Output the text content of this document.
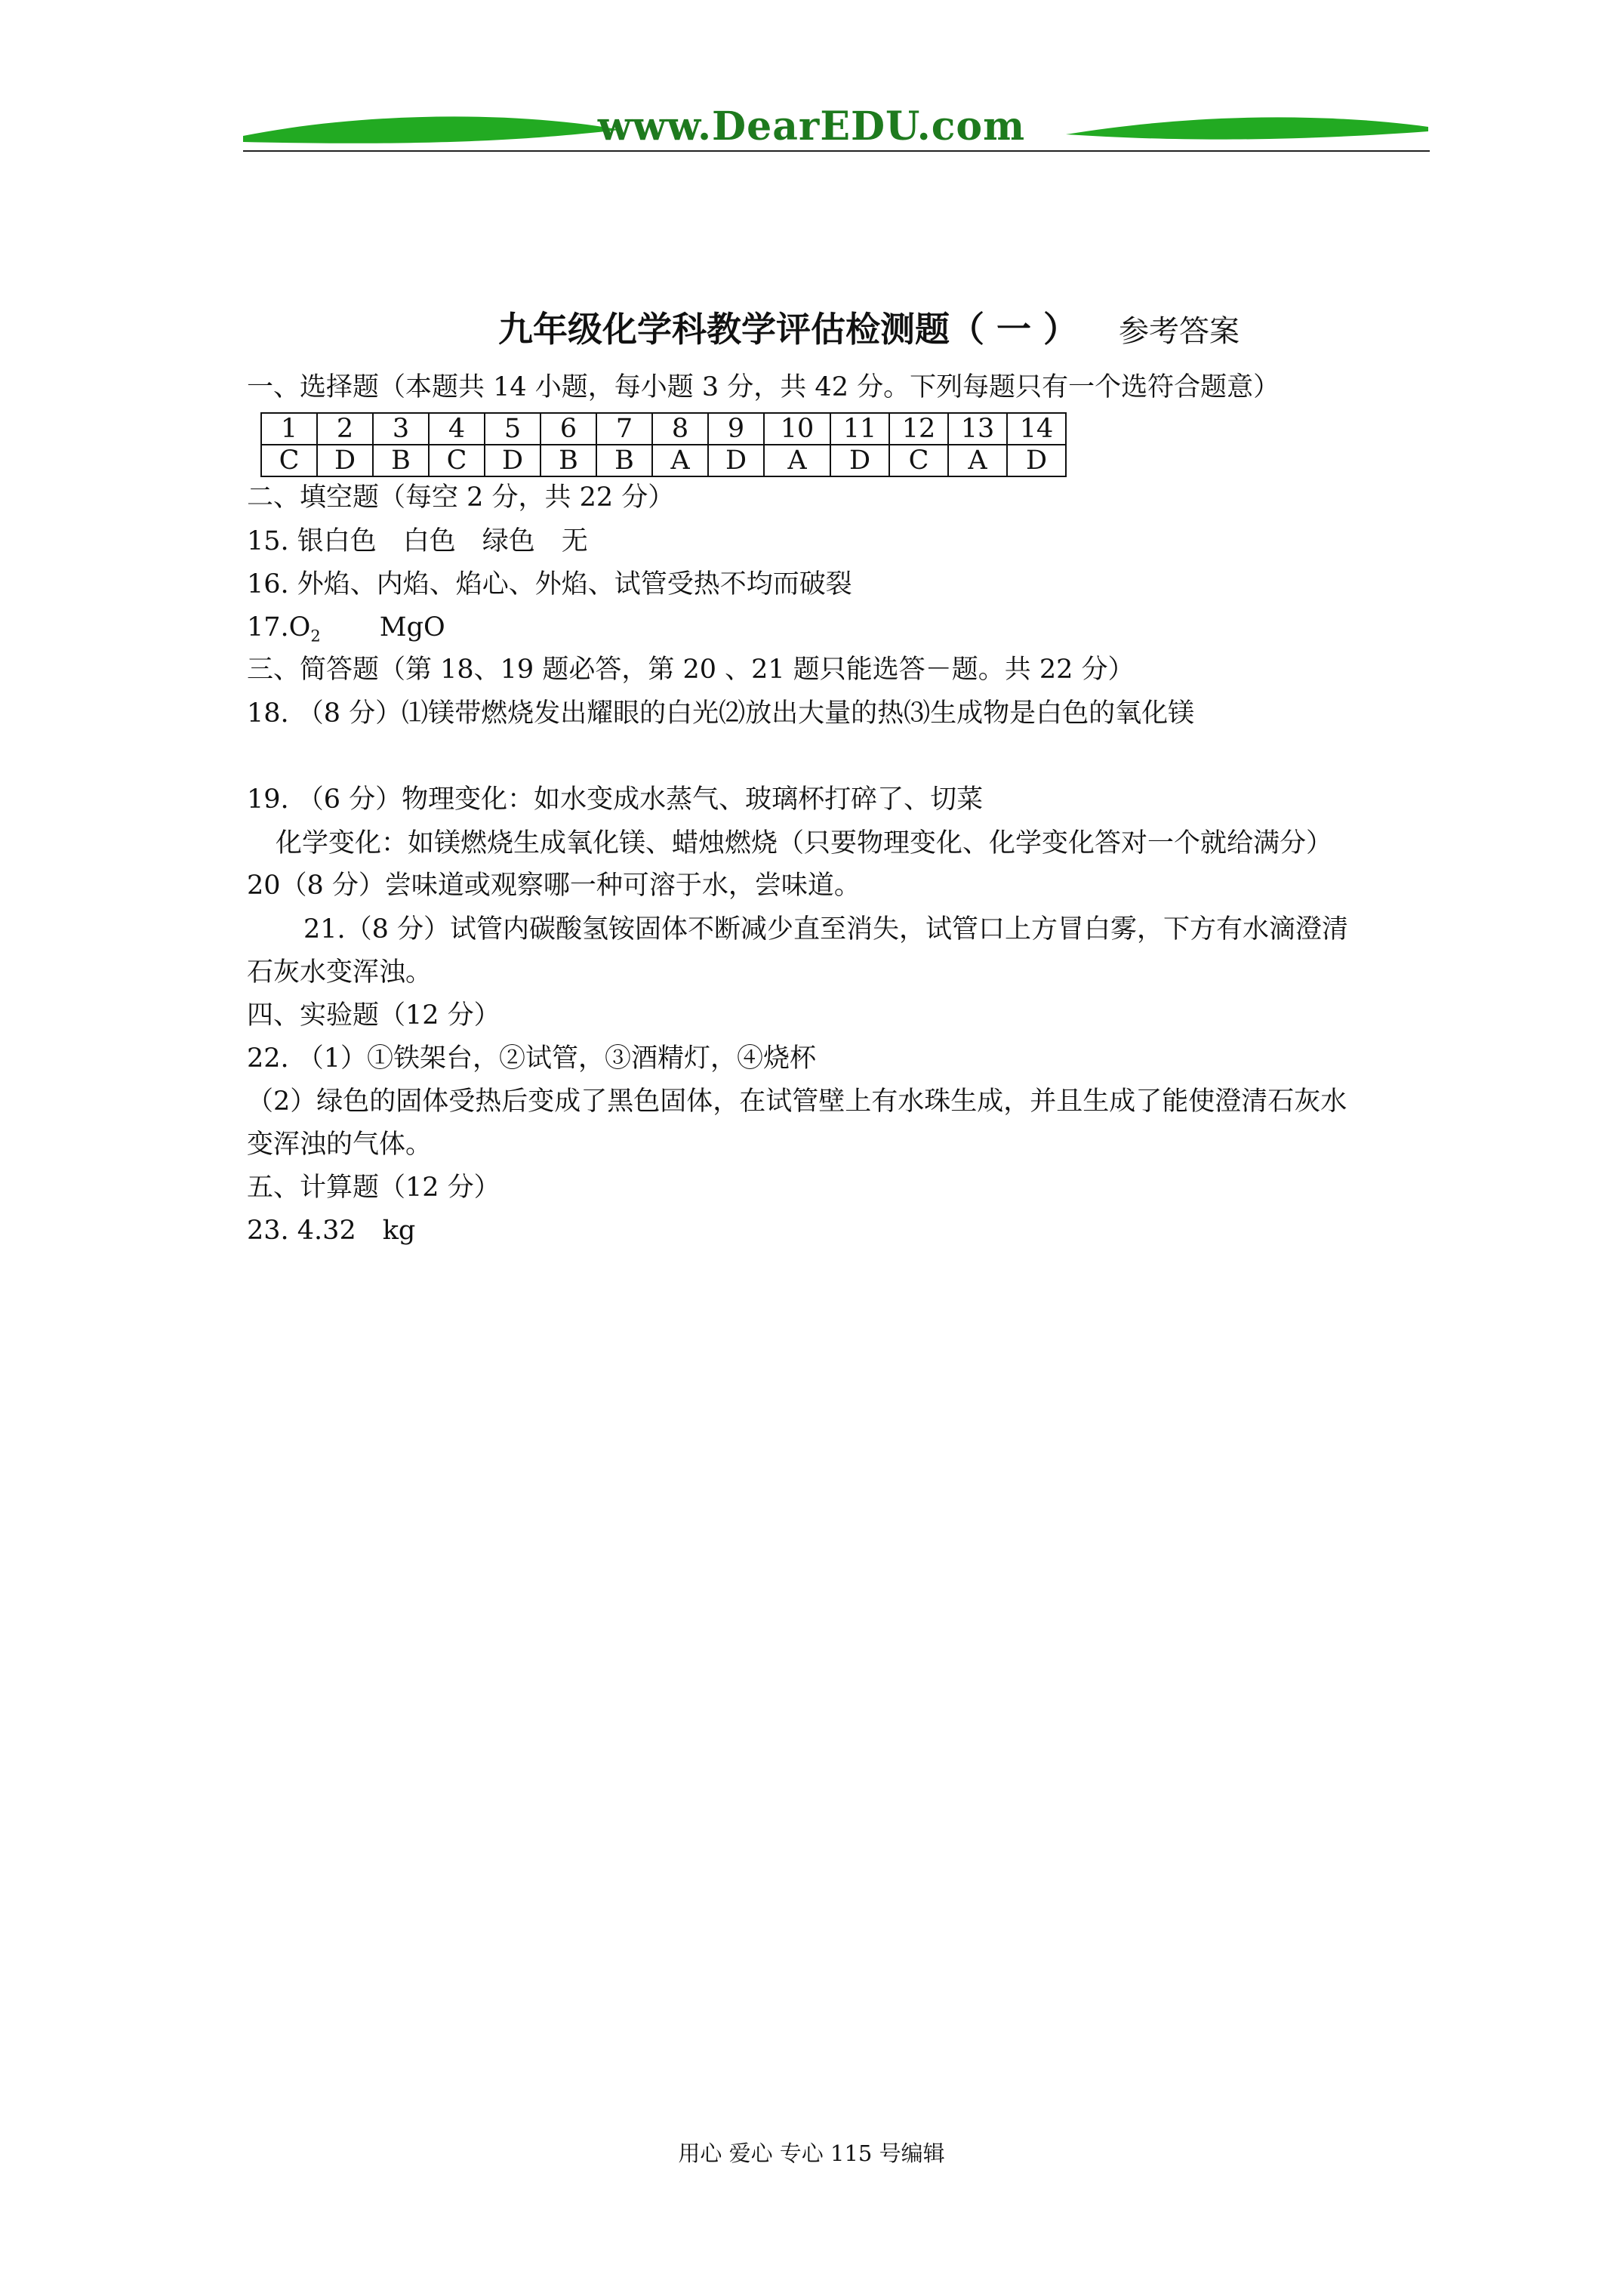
www.DearEDU.com
九年级化学科教学评估检测题（ 一 ） 参考答案
一、选择题（本题共 14 小题，每小题 3 分，共 42 分。下列每题只有一个选符合题意）
1	2	3	4	5	6	7	8	9	10	11	12	13	14
C	D	B	C	D	B	B	A	D	A	D	C	A	D
二、填空题（每空 2 分，共 22 分）
15. 银白色　白色　绿色　无
16. 外焰、内焰、焰心、外焰、试管受热不均而破裂
$17.O_2$ MgO
三、简答题（第 18、19 题必答，第 20 、21 题只能选答－题。共 22 分）
18. （8 分）⑴镁带燃烧发出耀眼的白光⑵放出大量的热⑶生成物是白色的氧化镁
19. （6 分）物理变化：如水变成水蒸气、玻璃杯打碎了、切菜
化学变化：如镁燃烧生成氧化镁、蜡烛燃烧（只要物理变化、化学变化答对一个就给满分）
20（8 分）尝味道或观察哪一种可溶于水，尝味道。
21.（8 分）试管内碳酸氢铵固体不断减少直至消失，试管口上方冒白雾，下方有水滴澄清
石灰水变浑浊。
四、实验题（12 分）
22. （1）①铁架台，②试管，③酒精灯，④烧杯
（2）绿色的固体受热后变成了黑色固体，在试管壁上有水珠生成，并且生成了能使澄清石灰水
变浑浊的气体。
五、计算题（12 分）
23. 4.32　kg
用心 爱心 专心 115 号编辑
